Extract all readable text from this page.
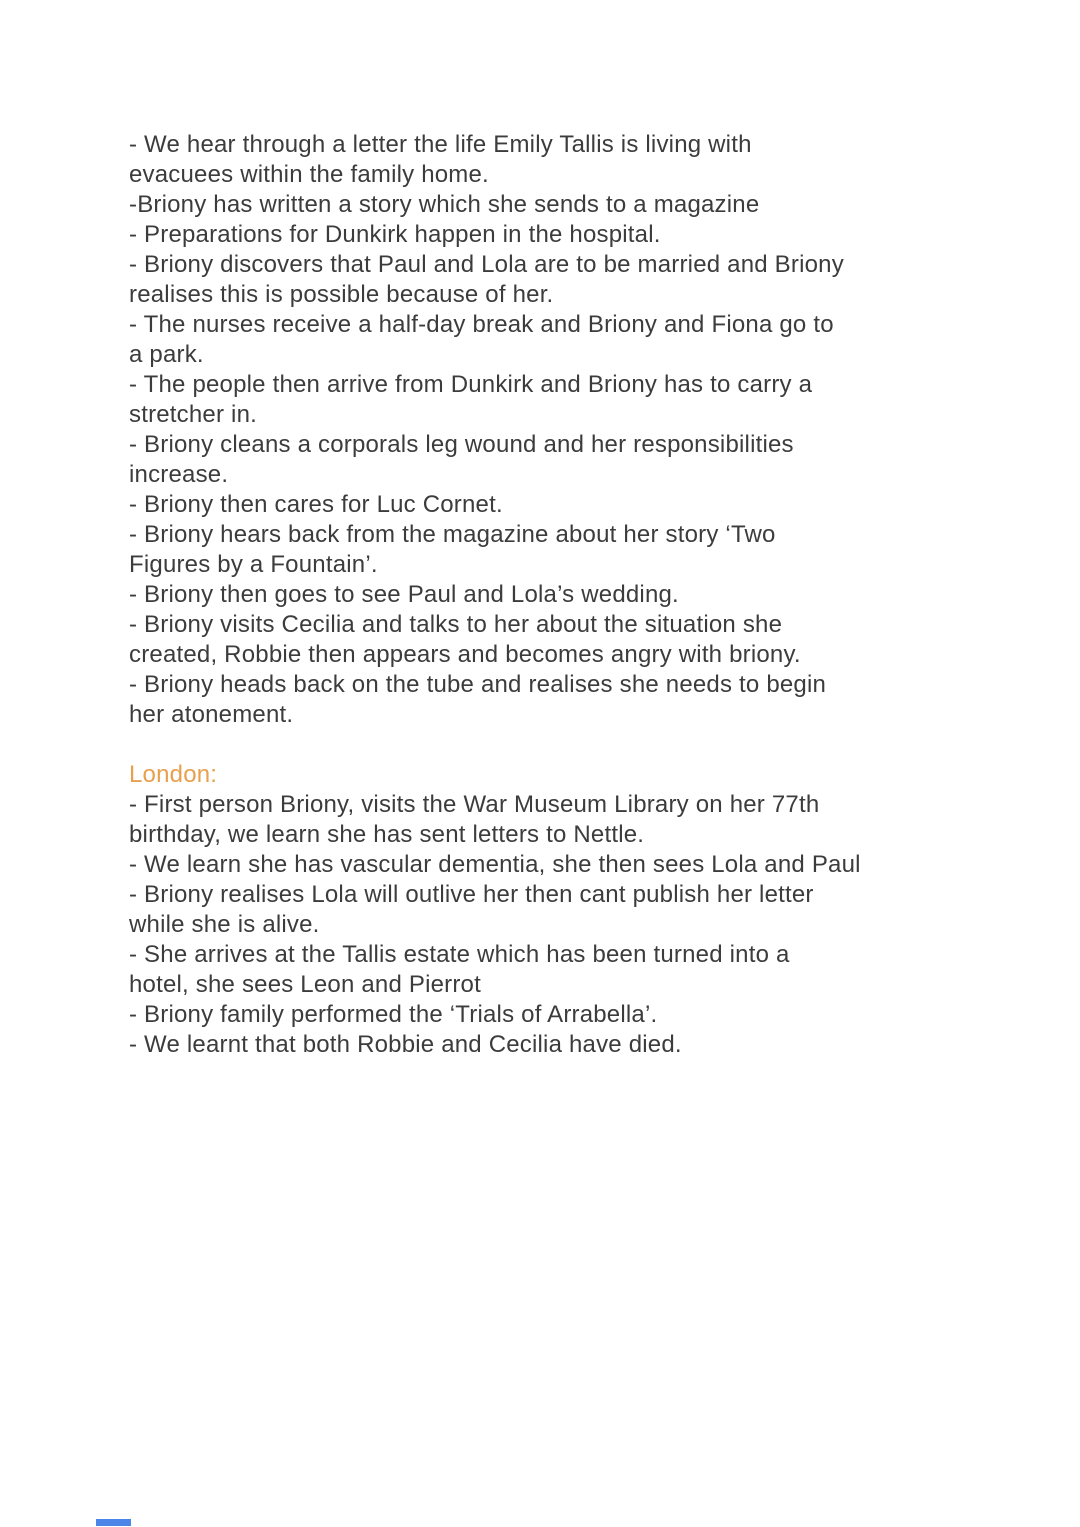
- We hear through a letter the life Emily Tallis is living with

evacuees within the family home.

-Briony has written a story which she sends to a magazine

- Preparations for Dunkirk happen in the hospital.

- Briony discovers that Paul and Lola are to be married and Briony

realises this is possible because of her.

- The nurses receive a half-day break and Briony and Fiona go to

a park.

- The people then arrive from Dunkirk and Briony has to carry a

stretcher in.

- Briony cleans a corporals leg wound and her responsibilities

increase.

- Briony then cares for Luc Cornet.

- Briony hears back from the magazine about her story ‘Two

Figures by a Fountain’.

- Briony then goes to see Paul and Lola’s wedding.

- Briony visits Cecilia and talks to her about the situation she

created, Robbie then appears and becomes angry with briony.

- Briony heads back on the tube and realises she needs to begin

her atonement.

London:

- First person Briony, visits the War Museum Library on her 77th

birthday, we learn she has sent letters to Nettle.

- We learn she has vascular dementia, she then sees Lola and Paul

- Briony realises Lola will outlive her then cant publish her letter

while she is alive.

- She arrives at the Tallis estate which has been turned into a

hotel, she sees Leon and Pierrot

- Briony family performed the ‘Trials of Arrabella’.

- We learnt that both Robbie and Cecilia have died.
